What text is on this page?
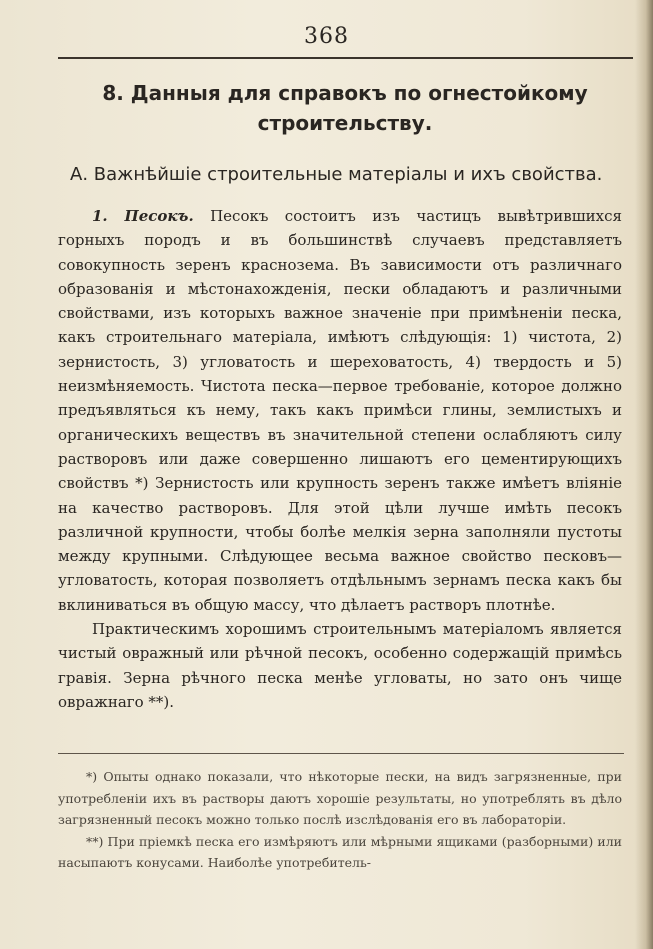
368
8. Данныя для справокъ по огнестойкому строительству.
А. Важнѣйшіе строительные матеріалы и ихъ свойства.

1. Песокъ. Песокъ состоитъ изъ частицъ вывѣтрившихся горныхъ породъ и въ большинствѣ случаевъ представляетъ совокупность зеренъ краснозема. Въ зависимости отъ различнаго образованія и мѣстонахожденія, пески обладаютъ и различными свойствами, изъ которыхъ важное значеніе при примѣненіи песка, какъ строительнаго матеріала, имѣютъ слѣдующія: 1) чистота, 2) зернистость, 3) угловатость и шереховатость, 4) твердость и 5) неизмѣняемость. Чистота песка—первое требованіе, которое должно предъявляться къ нему, такъ какъ примѣси глины, землистыхъ и органическихъ веществъ въ значительной степени ослабляютъ силу растворовъ или даже совершенно лишаютъ его цементирующихъ свойствъ *) Зернистость или крупность зеренъ также имѣетъ вліяніе на качество растворовъ. Для этой цѣли лучше имѣть песокъ различной крупности, чтобы болѣе мелкія зерна заполняли пустоты между крупными. Слѣдующее весьма важное свойство песковъ—угловатость, которая позволяетъ отдѣльнымъ зернамъ песка какъ бы вклиниваться въ общую массу, что дѣлаетъ растворъ плотнѣе.

Практическимъ хорошимъ строительнымъ матеріаломъ является чистый овражный или рѣчной песокъ, особенно содержащій примѣсь гравія. Зерна рѣчного песка менѣе угловаты, но зато онъ чище овражнаго **).

*) Опыты однако показали, что нѣкоторые пески, на видъ загрязненные, при употребленіи ихъ въ растворы даютъ хорошіе результаты, но употреблять въ дѣло загрязненный песокъ можно только послѣ изслѣдованія его въ лабораторіи.

**) При пріемкѣ песка его измѣряютъ или мѣрными ящиками (разборными) или насыпаютъ конусами. Наиболѣе употребитель-
